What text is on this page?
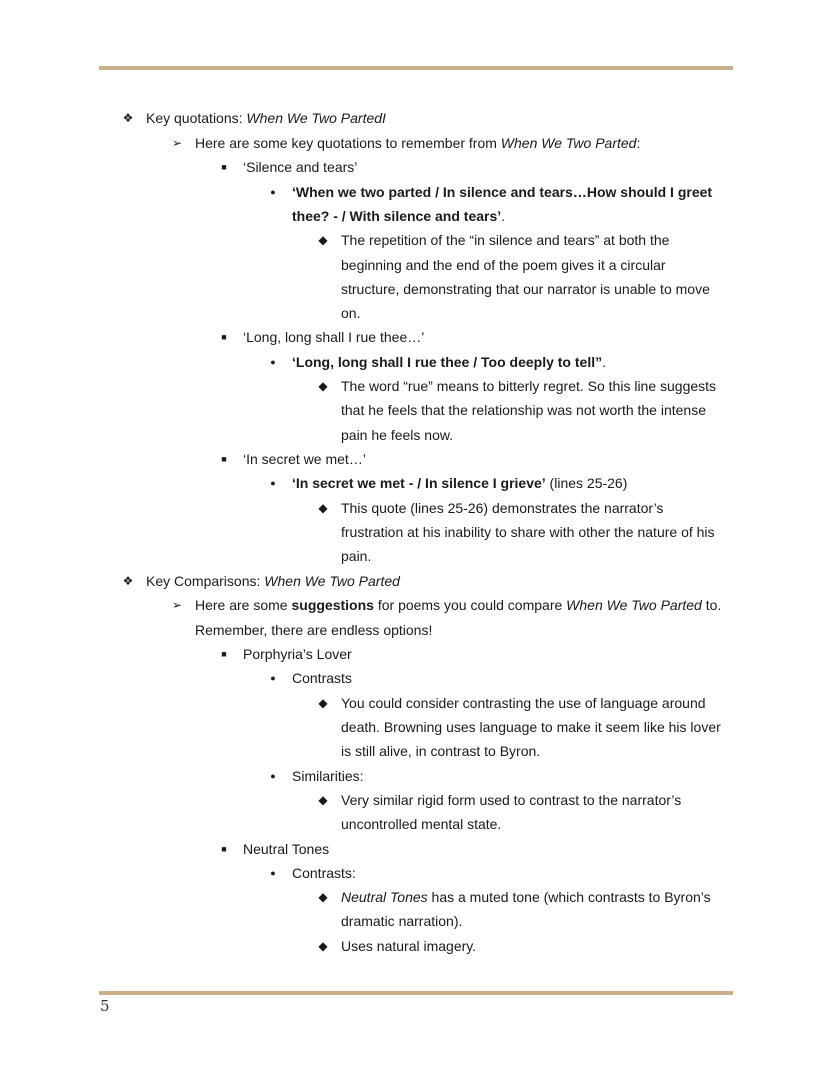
❖ Key quotations: When We Two PartedI
➢ Here are some key quotations to remember from When We Two Parted:
■	‘Silence and tears’
●	‘When we two parted / In silence and tears…How should I greet
thee? - / With silence and tears’.
◆ The repetition of the “in silence and tears” at both the
beginning and the end of the poem gives it a circular
structure, demonstrating that our narrator is unable to move
on.
■	‘Long, long shall I rue thee…’
●	‘Long, long shall I rue thee / Too deeply to tell”.
◆ The word “rue” means to bitterly regret. So this line suggests
that he feels that the relationship was not worth the intense
pain he feels now.
■	‘In secret we met…’
●	‘In secret we met - / In silence I grieve’ (lines 25-26)
◆ This quote (lines 25-26) demonstrates the narrator’s
frustration at his inability to share with other the nature of his
pain.
❖ Key Comparisons: When We Two Parted
➢ Here are some suggestions for poems you could compare When We Two Parted to.
Remember, there are endless options!
■	Porphyria’s Lover
●	Contrasts
◆ You could consider contrasting the use of language around
death. Browning uses language to make it seem like his lover
is still alive, in contrast to Byron.
●	Similarities:
◆ Very similar rigid form used to contrast to the narrator’s
uncontrolled mental state.
■	Neutral Tones
●	Contrasts:
◆ Neutral Tones has a muted tone (which contrasts to Byron’s
dramatic narration).
◆ Uses natural imagery.
5
